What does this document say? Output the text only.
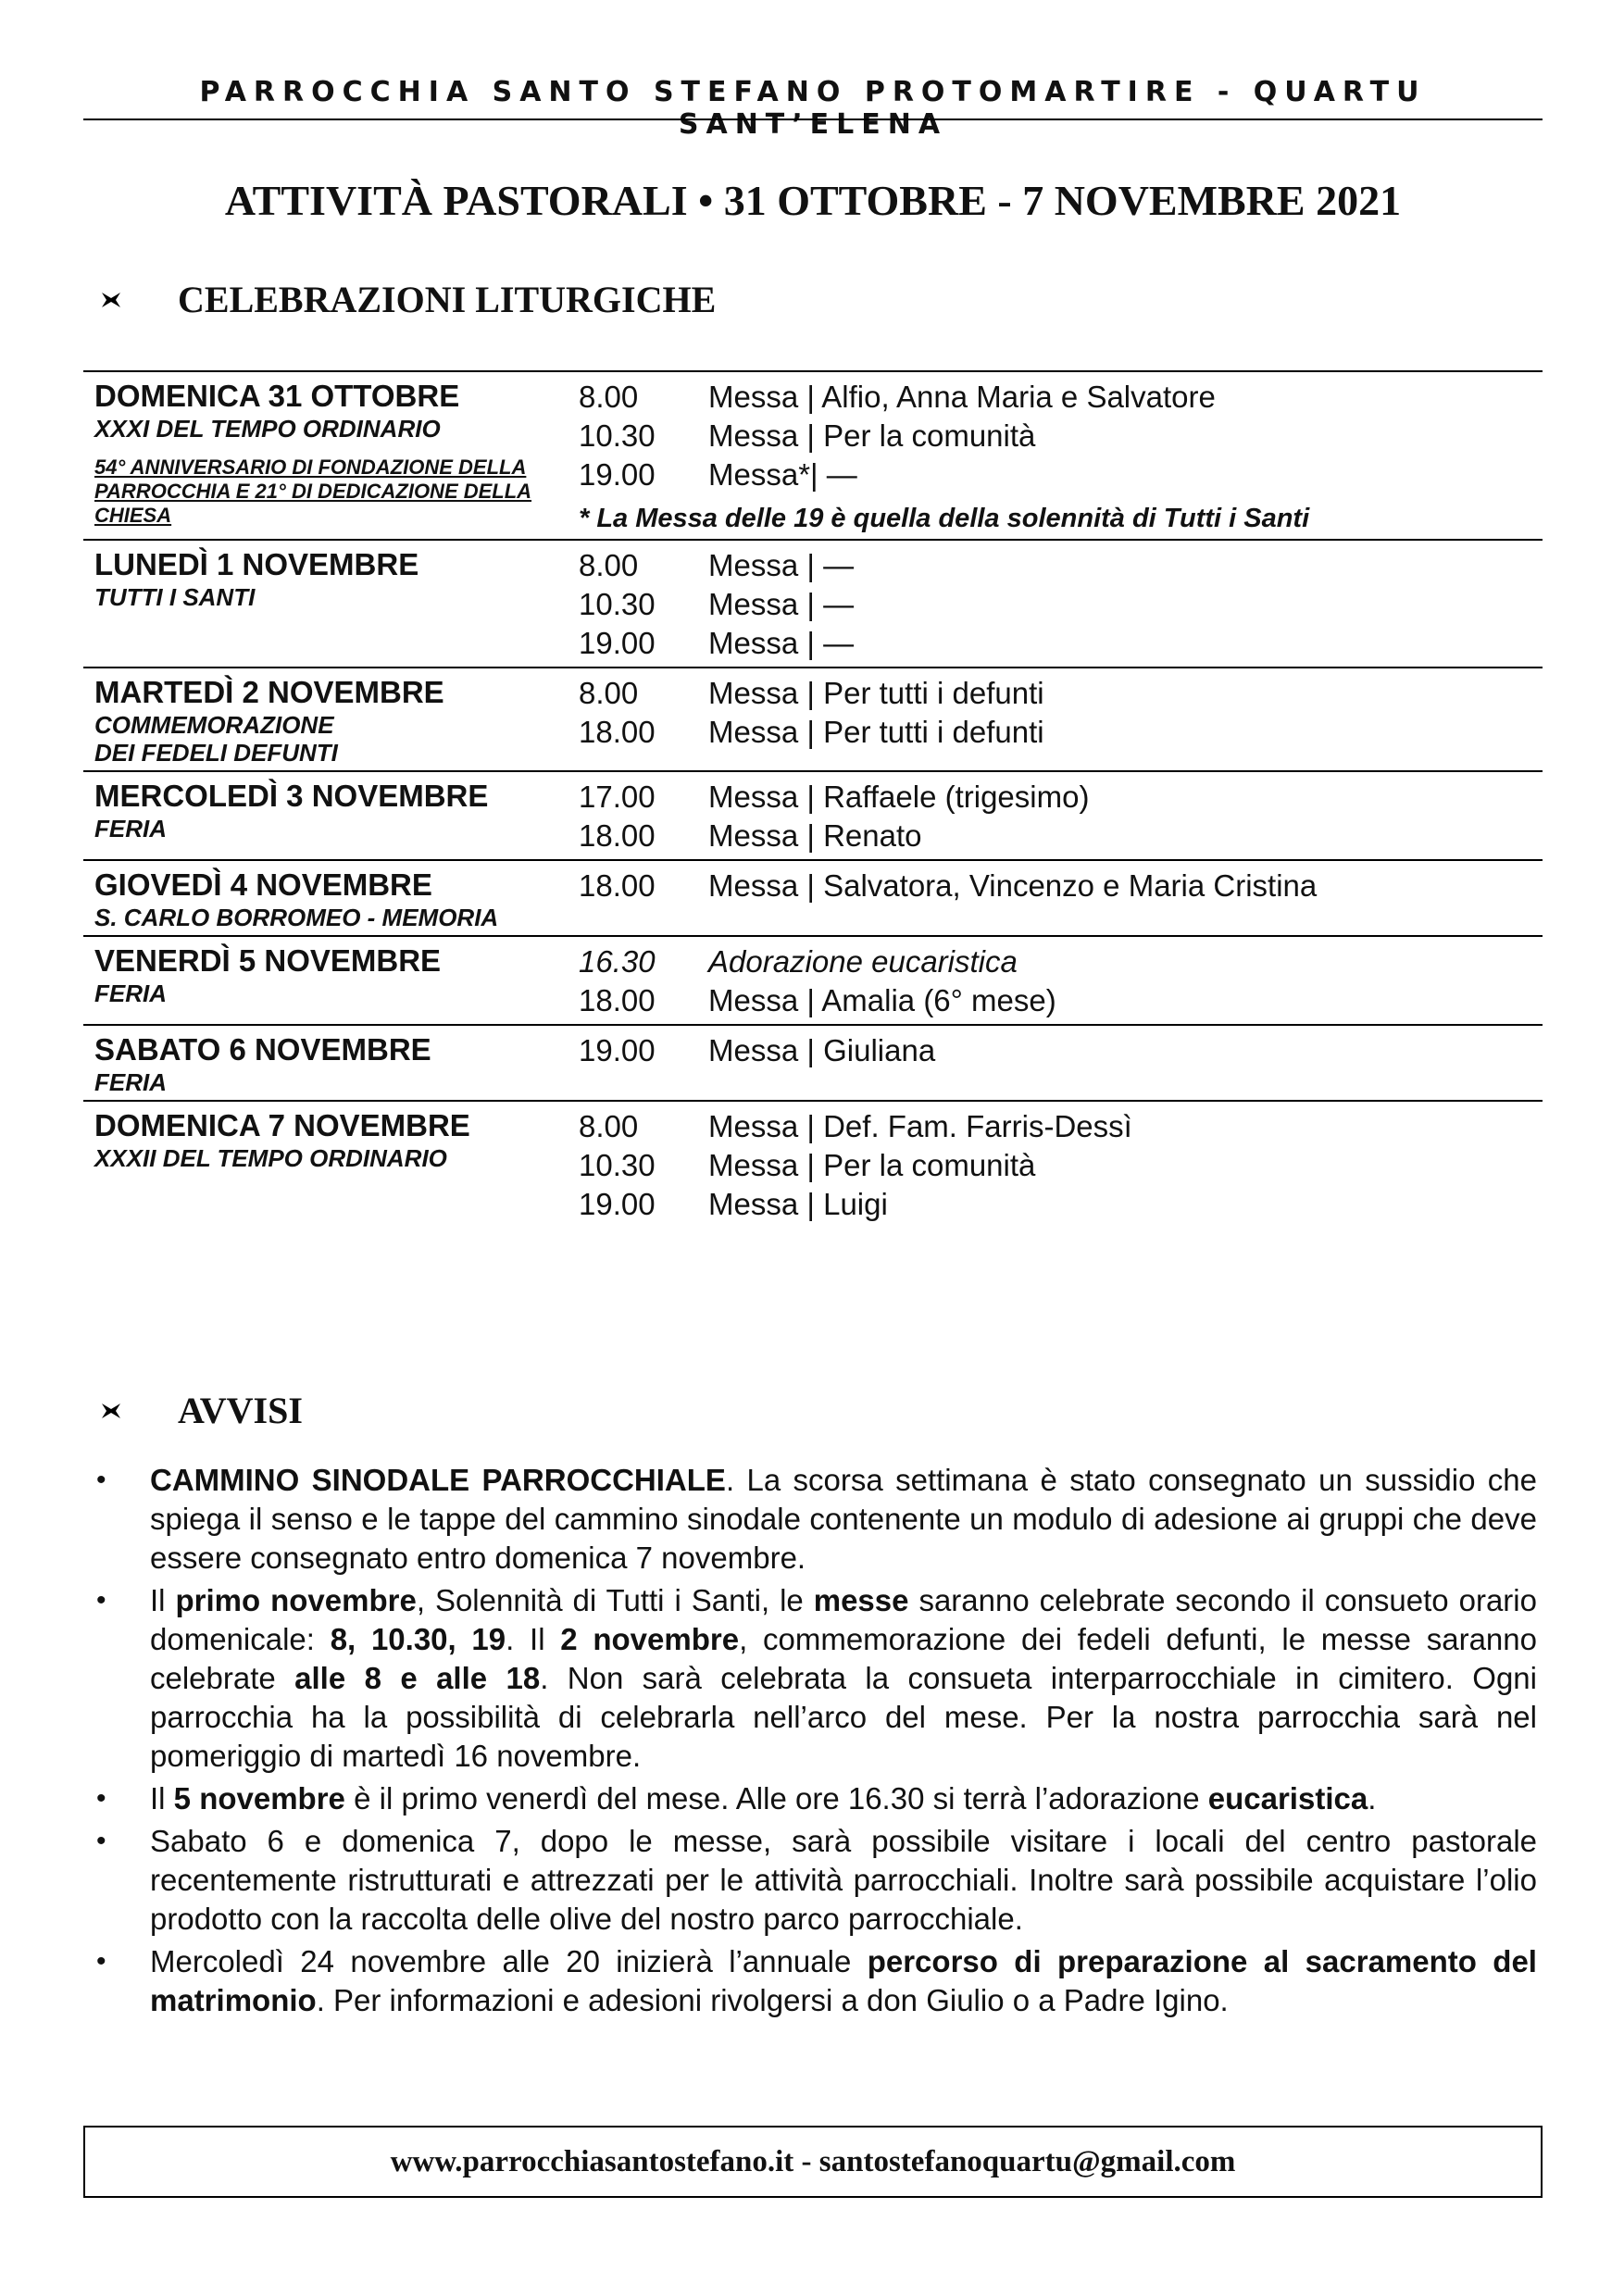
PARROCCHIA SANTO STEFANO PROTOMARTIRE - QUARTU SANT’ELENA
ATTIVITÀ PASTORALI • 31 OTTOBRE - 7 NOVEMBRE 2021
CELEBRAZIONI LITURGICHE
DOMENICA 31 OTTOBRE
XXXI DEL TEMPO ORDINARIO
54° ANNIVERSARIO DI FONDAZIONE DELLA PARROCCHIA E 21° DI DEDICAZIONE DELLA CHIESA
8.00	Messa | Alfio, Anna Maria e Salvatore
10.30	Messa | Per la comunità
19.00	Messa*| —
* La Messa delle 19 è quella della solennità di Tutti i Santi
LUNEDÌ 1 NOVEMBRE
TUTTI I SANTI
8.00	Messa | —
10.30	Messa | —
19.00	Messa | —
MARTEDÌ 2 NOVEMBRE
COMMEMORAZIONE
DEI FEDELI DEFUNTI
8.00	Messa | Per tutti i defunti
18.00	Messa | Per tutti i defunti
MERCOLEDÌ 3 NOVEMBRE
FERIA
17.00	Messa | Raffaele (trigesimo)
18.00	Messa | Renato
GIOVEDÌ 4 NOVEMBRE
S. CARLO BORROMEO - MEMORIA
18.00	Messa | Salvatora, Vincenzo e Maria Cristina
VENERDÌ 5 NOVEMBRE
FERIA
16.30	Adorazione eucaristica
18.00	Messa | Amalia (6° mese)
SABATO 6 NOVEMBRE
FERIA
19.00	Messa | Giuliana
DOMENICA 7 NOVEMBRE
XXXII DEL TEMPO ORDINARIO
8.00	Messa | Def. Fam. Farris-Dessì
10.30	Messa | Per la comunità
19.00	Messa | Luigi
AVVISI
•	CAMMINO SINODALE PARROCCHIALE. La scorsa settimana è stato consegnato un sussidio che spiega il senso e le tappe del cammino sinodale contenente un modulo di adesione ai gruppi che deve essere consegnato entro domenica 7 novembre.
•	Il primo novembre, Solennità di Tutti i Santi, le messe saranno celebrate secondo il consueto orario domenicale: 8, 10.30, 19. Il 2 novembre, commemorazione dei fedeli defunti, le messe saranno celebrate alle 8 e alle 18. Non sarà celebrata la consueta interparrocchiale in cimitero. Ogni parrocchia ha la possibilità di celebrarla nell’arco del mese. Per la nostra parrocchia sarà nel pomeriggio di martedì 16 novembre.
•	Il 5 novembre è il primo venerdì del mese. Alle ore 16.30 si terrà l’adorazione eucaristica.
•	Sabato 6 e domenica 7, dopo le messe, sarà possibile visitare i locali del centro pastorale recentemente ristrutturati e attrezzati per le attività parrocchiali. Inoltre sarà possibile acquistare l’olio prodotto con la raccolta delle olive del nostro parco parrocchiale.
•	Mercoledì 24 novembre alle 20 inizierà l’annuale percorso di preparazione al sacramento del matrimonio. Per informazioni e adesioni rivolgersi a don Giulio o a Padre Igino.
www.parrocchiasantostefano.it - santostefanoquartu@gmail.com
